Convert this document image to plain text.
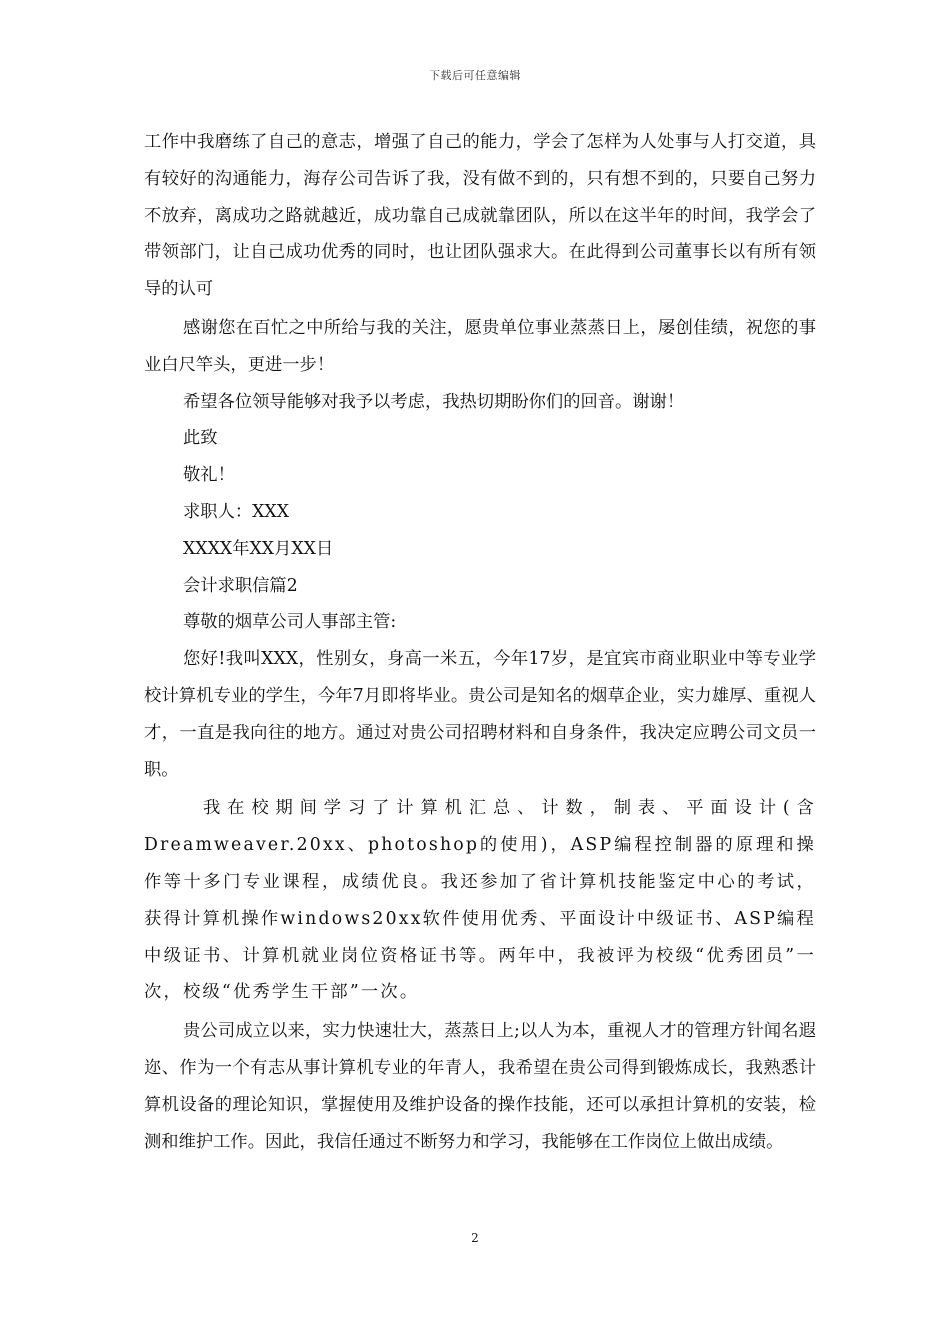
下载后可任意编辑

工作中我磨练了自己的意志，增强了自己的能力，学会了怎样为人处事与人打交道，具有较好的沟通能力，海存公司告诉了我，没有做不到的，只有想不到的，只要自己努力不放弃，离成功之路就越近，成功靠自己成就靠团队，所以在这半年的时间，我学会了带领部门，让自己成功优秀的同时，也让团队强求大。在此得到公司董事长以有所有领导的认可

感谢您在百忙之中所给与我的关注，愿贵单位事业蒸蒸日上，屡创佳绩，祝您的事业白尺竿头，更进一步！

希望各位领导能够对我予以考虑，我热切期盼你们的回音。谢谢！

此致

敬礼！

求职人：XXX

XXXX年XX月XX日

会计求职信篇2

尊敬的烟草公司人事部主管:

您好!我叫XXX，性别女，身高一米五，今年17岁，是宜宾市商业职业中等专业学校计算机专业的学生，今年7月即将毕业。贵公司是知名的烟草企业，实力雄厚、重视人才，一直是我向往的地方。通过对贵公司招聘材料和自身条件，我决定应聘公司文员一职。

我在校期间学习了计算机汇总、计数，制表、平面设计(含Dreamweaver.20xx、photoshop的使用)，ASP编程控制器的原理和操作等十多门专业课程，成绩优良。我还参加了省计算机技能鉴定中心的考试，获得计算机操作windows20xx软件使用优秀、平面设计中级证书、ASP编程中级证书、计算机就业岗位资格证书等。两年中，我被评为校级“优秀团员”一次，校级“优秀学生干部”一次。

贵公司成立以来，实力快速壮大，蒸蒸日上;以人为本，重视人才的管理方针闻名遐迩、作为一个有志从事计算机专业的年青人，我希望在贵公司得到锻炼成长，我熟悉计算机设备的理论知识，掌握使用及维护设备的操作技能，还可以承担计算机的安装，检测和维护工作。因此，我信任通过不断努力和学习，我能够在工作岗位上做出成绩。

2
